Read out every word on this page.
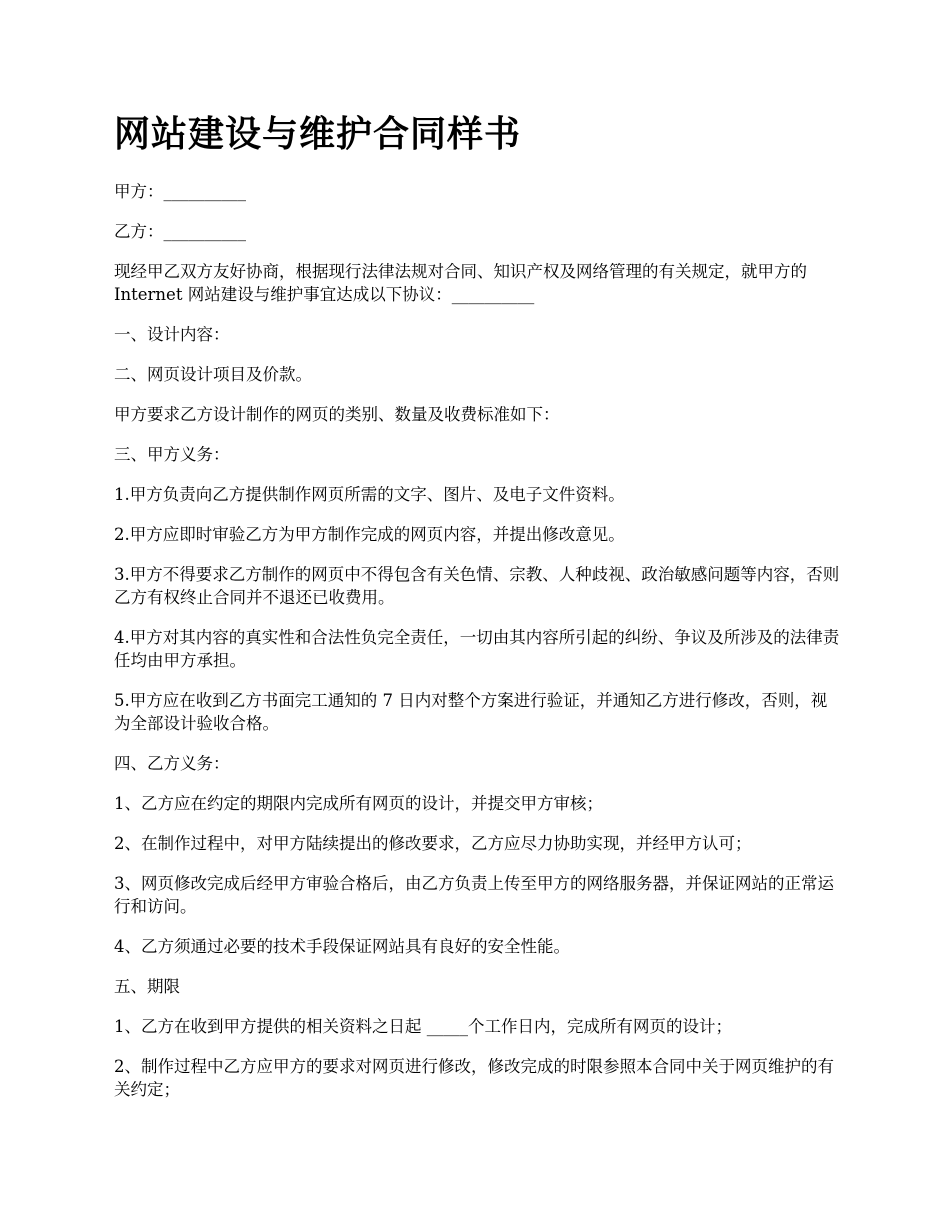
网站建设与维护合同样书

甲方：__________

乙方：__________

现经甲乙双方友好协商，根据现行法律法规对合同、知识产权及网络管理的有关规定，就甲方的 Internet 网站建设与维护事宜达成以下协议：__________

一、设计内容：

二、网页设计项目及价款。

甲方要求乙方设计制作的网页的类别、数量及收费标准如下：

三、甲方义务：

1.甲方负责向乙方提供制作网页所需的文字、图片、及电子文件资料。

2.甲方应即时审验乙方为甲方制作完成的网页内容，并提出修改意见。

3.甲方不得要求乙方制作的网页中不得包含有关色情、宗教、人种歧视、政治敏感问题等内容，否则乙方有权终止合同并不退还已收费用。

4.甲方对其内容的真实性和合法性负完全责任，一切由其内容所引起的纠纷、争议及所涉及的法律责任均由甲方承担。

5.甲方应在收到乙方书面完工通知的 7 日内对整个方案进行验证，并通知乙方进行修改，否则，视为全部设计验收合格。

四、乙方义务：

1、乙方应在约定的期限内完成所有网页的设计，并提交甲方审核；

2、在制作过程中，对甲方陆续提出的修改要求，乙方应尽力协助实现，并经甲方认可；

3、网页修改完成后经甲方审验合格后，由乙方负责上传至甲方的网络服务器，并保证网站的正常运行和访问。

4、乙方须通过必要的技术手段保证网站具有良好的安全性能。

五、期限

1、乙方在收到甲方提供的相关资料之日起 _____个工作日内，完成所有网页的设计；

2、制作过程中乙方应甲方的要求对网页进行修改，修改完成的时限参照本合同中关于网页维护的有关约定；
